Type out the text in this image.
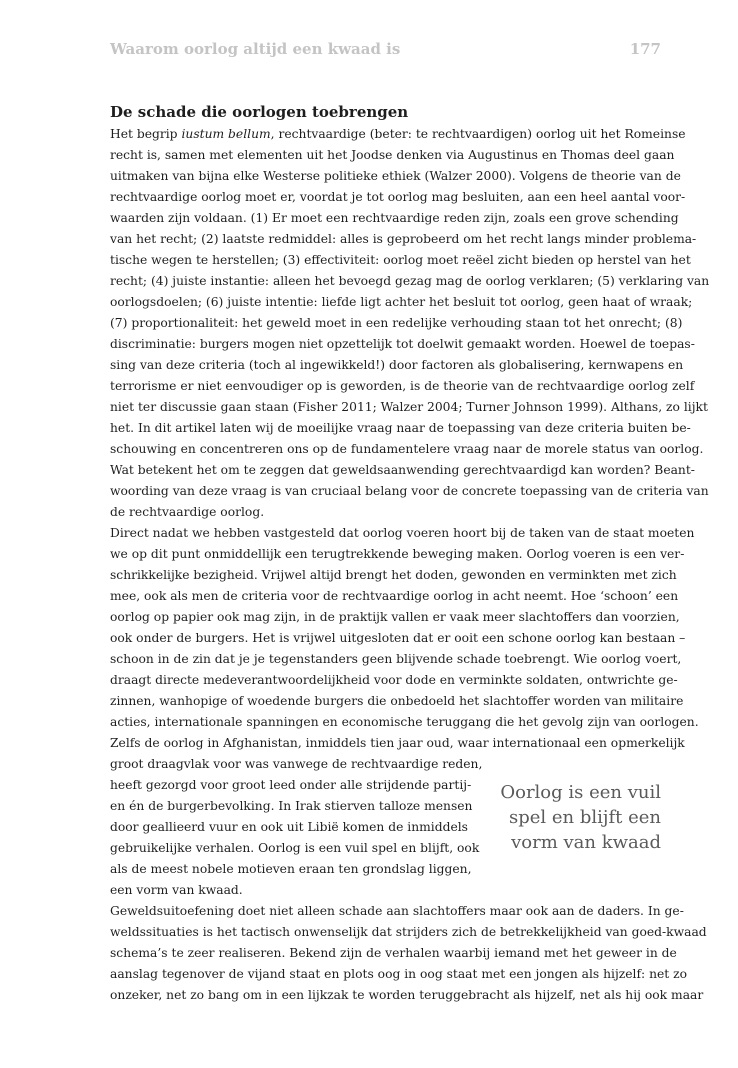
Waarom oorlog altijd een kwaad is	177
De schade die oorlogen toebrengen
Het begrip iustum bellum, rechtvaardige (beter: te rechtvaardigen) oorlog uit het Romeinse
recht is, samen met elementen uit het Joodse denken via Augustinus en Thomas deel gaan
uitmaken van bijna elke Westerse politieke ethiek (Walzer 2000). Volgens de theorie van de
rechtvaardige oorlog moet er, voordat je tot oorlog mag besluiten, aan een heel aantal voor-
waarden zijn voldaan. (1) Er moet een rechtvaardige reden zijn, zoals een grove schending
van het recht; (2) laatste redmiddel: alles is geprobeerd om het recht langs minder problema-
tische wegen te herstellen; (3) effectiviteit: oorlog moet reëel zicht bieden op herstel van het
recht; (4) juiste instantie: alleen het bevoegd gezag mag de oorlog verklaren; (5) verklaring van
oorlogsdoelen; (6) juiste intentie: liefde ligt achter het besluit tot oorlog, geen haat of wraak;
(7) proportionaliteit: het geweld moet in een redelijke verhouding staan tot het onrecht; (8)
discriminatie: burgers mogen niet opzettelijk tot doelwit gemaakt worden. Hoewel de toepas-
sing van deze criteria (toch al ingewikkeld!) door factoren als globalisering, kernwapens en
terrorisme er niet eenvoudiger op is geworden, is de theorie van de rechtvaardige oorlog zelf
niet ter discussie gaan staan (Fisher 2011; Walzer 2004; Turner Johnson 1999). Althans, zo lijkt
het. In dit artikel laten wij de moeilijke vraag naar de toepassing van deze criteria buiten be-
schouwing en concentreren ons op de fundamentelere vraag naar de morele status van oorlog.
Wat betekent het om te zeggen dat geweldsaanwending gerechtvaardigd kan worden? Beant-
woording van deze vraag is van cruciaal belang voor de concrete toepassing van de criteria van
de rechtvaardige oorlog.
Direct nadat we hebben vastgesteld dat oorlog voeren hoort bij de taken van de staat moeten
we op dit punt onmiddellijk een terugtrekkende beweging maken. Oorlog voeren is een ver-
schrikkelijke bezigheid. Vrijwel altijd brengt het doden, gewonden en verminkten met zich
mee, ook als men de criteria voor de rechtvaardige oorlog in acht neemt. Hoe ‘schoon’ een
oorlog op papier ook mag zijn, in de praktijk vallen er vaak meer slachtoffers dan voorzien,
ook onder de burgers. Het is vrijwel uitgesloten dat er ooit een schone oorlog kan bestaan –
schoon in de zin dat je je tegenstanders geen blijvende schade toebrengt. Wie oorlog voert,
draagt directe medeverantwoordelijkheid voor dode en verminkte soldaten, ontwrichte ge-
zinnen, wanhopige of woedende burgers die onbedoeld het slachtoffer worden van militaire
acties, internationale spanningen en economische teruggang die het gevolg zijn van oorlogen.
Zelfs de oorlog in Afghanistan, inmiddels tien jaar oud, waar internationaal een opmerkelijk
groot draagvlak voor was vanwege de rechtvaardige reden,
heeft gezorgd voor groot leed onder alle strijdende partij-
en én de burgerbevolking. In Irak stierven talloze mensen
door geallieerd vuur en ook uit Libië komen de inmiddels
gebruikelijke verhalen. Oorlog is een vuil spel en blijft, ook
als de meest nobele motieven eraan ten grondslag liggen,
een vorm van kwaad.
Geweldsuitoefening doet niet alleen schade aan slachtoffers maar ook aan de daders. In ge-
weldssituaties is het tactisch onwenselijk dat strijders zich de betrekkelijkheid van goed-kwaad
schema’s te zeer realiseren. Bekend zijn de verhalen waarbij iemand met het geweer in de
aanslag tegenover de vijand staat en plots oog in oog staat met een jongen als hijzelf: net zo
onzeker, net zo bang om in een lijkzak te worden teruggebracht als hijzelf, net als hij ook maar
Oorlog is een vuil
spel en blijft een
vorm van kwaad
